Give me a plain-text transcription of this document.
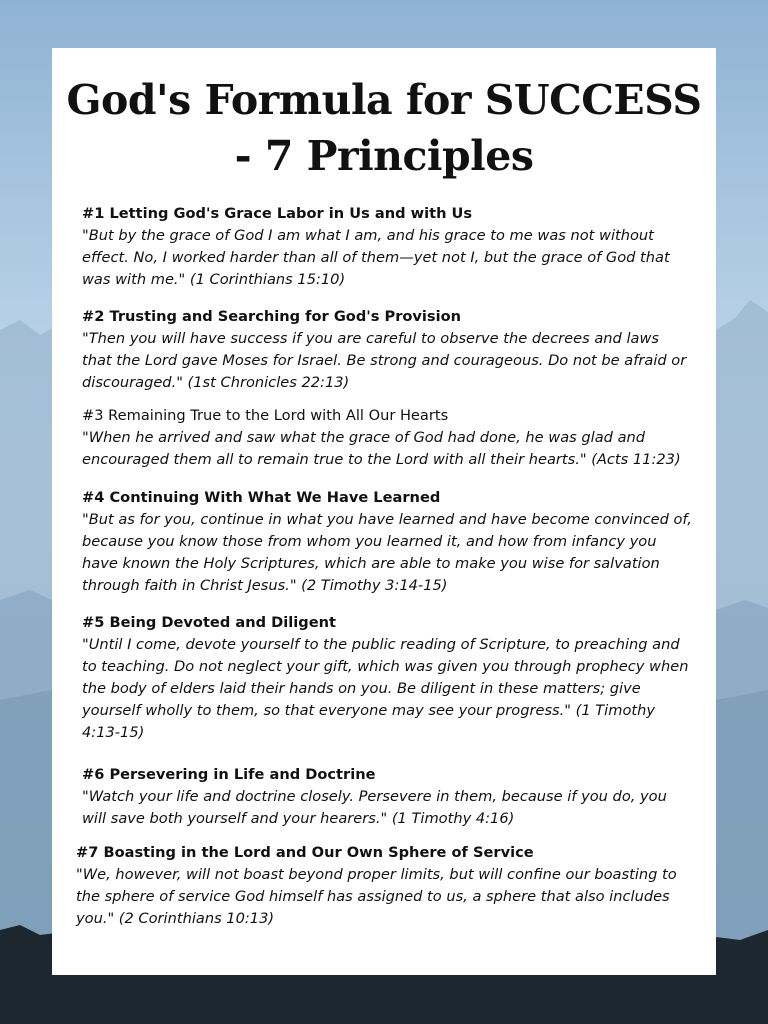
God's Formula for SUCCESS - 7 Principles
#1 Letting God's Grace Labor in Us and with Us
"But by the grace of God I am what I am, and his grace to me was not without effect. No, I worked harder than all of them—yet not I, but the grace of God that was with me." (1 Corinthians 15:10)
#2 Trusting and Searching for God's Provision
"Then you will have success if you are careful to observe the decrees and laws that the Lord gave Moses for Israel. Be strong and courageous. Do not be afraid or discouraged." (1st Chronicles 22:13)
#3 Remaining True to the Lord with All Our Hearts
"When he arrived and saw what the grace of God had done, he was glad and encouraged them all to remain true to the Lord with all their hearts." (Acts 11:23)
#4 Continuing With What We Have Learned
"But as for you, continue in what you have learned and have become convinced of, because you know those from whom you learned it, and how from infancy you have known the Holy Scriptures, which are able to make you wise for salvation through faith in Christ Jesus." (2 Timothy 3:14-15)
#5 Being Devoted and Diligent
"Until I come, devote yourself to the public reading of Scripture, to preaching and to teaching. Do not neglect your gift, which was given you through prophecy when the body of elders laid their hands on you. Be diligent in these matters; give yourself wholly to them, so that everyone may see your progress." (1 Timothy 4:13-15)
#6 Persevering in Life and Doctrine
"Watch your life and doctrine closely. Persevere in them, because if you do, you will save both yourself and your hearers." (1 Timothy 4:16)
#7 Boasting in the Lord and Our Own Sphere of Service
"We, however, will not boast beyond proper limits, but will confine our boasting to the sphere of service God himself has assigned to us, a sphere that also includes you." (2 Corinthians 10:13)
